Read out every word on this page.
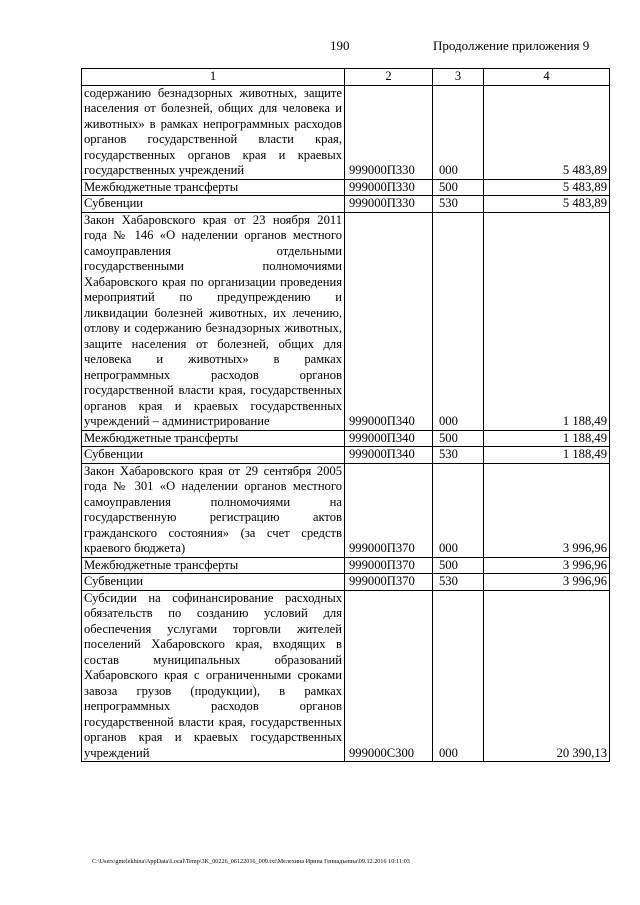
190	Продолжение приложения 9
1	2	3	4
содержанию безнадзорных животных, защите населения от болезней, общих для человека и животных» в рамках непрограммных расходов органов государственной власти края, государственных органов края и краевых государственных учреждений	999000П330	000	5 483,89
Межбюджетные трансферты	999000П330	500	5 483,89
Субвенции	999000П330	530	5 483,89
Закон Хабаровского края от 23 ноября 2011 года № 146 «О наделении органов местного самоуправления отдельными государственными полномочиями Хабаровского края по организации проведения мероприятий по предупреждению и ликвидации болезней животных, их лечению, отлову и содержанию безнадзорных животных, защите населения от болезней, общих для человека и животных» в рамках непрограммных расходов органов государственной власти края, государственных органов края и краевых государственных учреждений – администрирование	999000П340	000	1 188,49
Межбюджетные трансферты	999000П340	500	1 188,49
Субвенции	999000П340	530	1 188,49
Закон Хабаровского края от 29 сентября 2005 года № 301 «О наделении органов местного самоуправления полномочиями на государственную регистрацию актов гражданского состояния» (за счет средств краевого бюджета)	999000П370	000	3 996,96
Межбюджетные трансферты	999000П370	500	3 996,96
Субвенции	999000П370	530	3 996,96
Субсидии на софинансирование расходных обязательств по созданию условий для обеспечения услугами торговли жителей поселений Хабаровского края, входящих в состав муниципальных образований Хабаровского края с ограниченными сроками завоза грузов (продукции), в рамках непрограммных расходов органов государственной власти края, государственных органов края и краевых государственных учреждений	999000С300	000	20 390,13
C:\Users\gmelekhina\AppData\Local\Temp\3K_00226_06122016_009.txt\Мелехина Ирина Геннадьевна\09.12.2016 10:11:03
